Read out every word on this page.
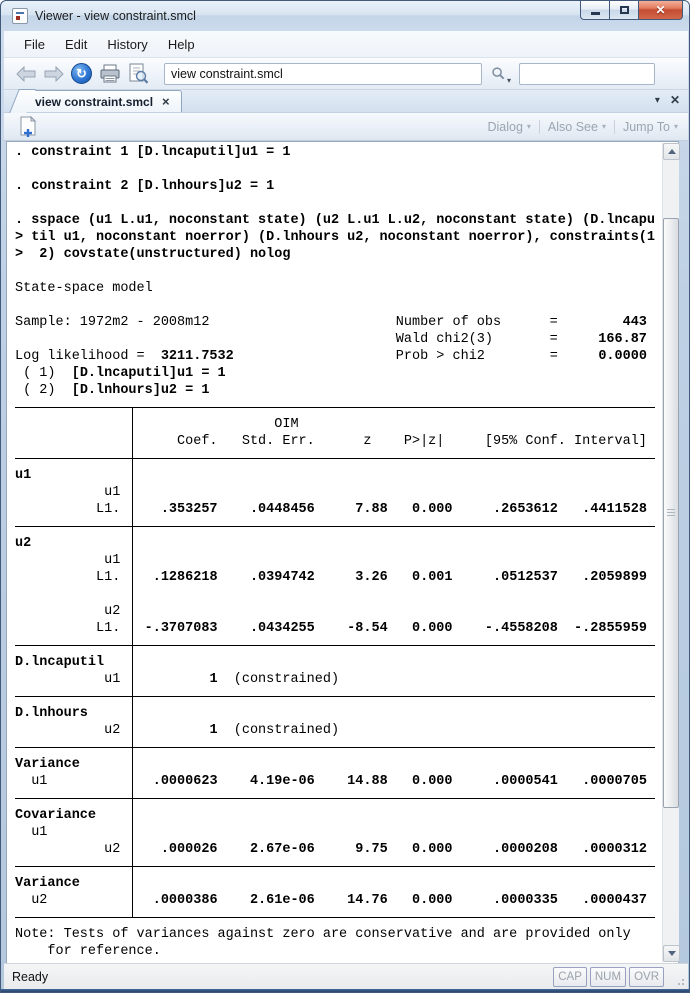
Viewer - view constraint.smcl	✕
File	Edit	History	Help
↻
view constraint.smcl	▾
view constraint.smcl ×	▾ ✕
Dialog ▾ Also See ▾ Jump To ▾
. constraint 1 [D.lncaputil]u1 = 1
. constraint 2 [D.lnhours]u2 = 1
. sspace (u1 L.u1, noconstant state) (u2 L.u1 L.u2, noconstant state) (D.lncapu
> til u1, noconstant noerror) (D.lnhours u2, noconstant noerror), constraints(1
>  2) covstate(unstructured) nolog
State-space model
Sample: 1972m2 - 2008m12                       Number of obs      =        443
Wald chi2(3)       =     166.87
Log likelihood =  3211.7532                    Prob > chi2        =     0.0000
( 1)  [D.lncaputil]u1 = 1
( 2)  [D.lnhours]u2 = 1
OIM
Coef.   Std. Err.      z    P>|z|     [95% Conf. Interval]
u1
u1
L1.     .353257 .0448456	7.88 0.000	.2653612 .4411528
u2
u1
L1.    .1286218 .0394742	3.26 0.001	.0512537 .2059899
u2
L1.   -.3707083 .0434255 -8.54 0.000 -.4558208 -.2855959
D.lncaputil
u1           1  (constrained)
D.lnhours
u2           1  (constrained)
Variance
u1             .0000623 4.19e-06 14.88 0.000	.0000541 .0000705
Covariance
u1
u2     .000026 2.67e-06	9.75 0.000	.0000208 .0000312
Variance
u2             .0000386 2.61e-06 14.76 0.000	.0000335 .0000437
Note: Tests of variances against zero are conservative and are provided only
for reference.
Ready	CAP	NUM	OVR
